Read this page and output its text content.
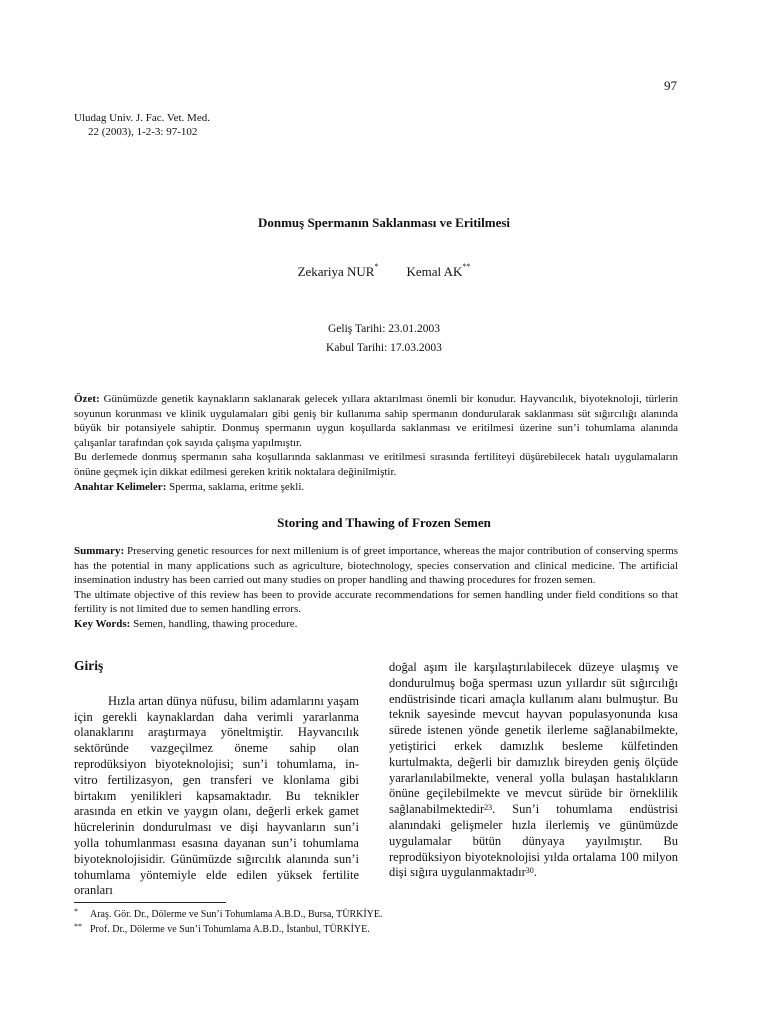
97
Uludag Univ. J. Fac. Vet. Med.
22 (2003), 1-2-3: 97-102
Donmuş Spermanın Saklanması ve Eritilmesi
Zekariya NUR* Kemal AK**
Geliş Tarihi: 23.01.2003
Kabul Tarihi: 17.03.2003

Özet: Günümüzde genetik kaynakların saklanarak gelecek yıllara aktarılması önemli bir konudur. Hayvancılık, biyoteknoloji, türlerin soyunun korunması ve klinik uygulamaları gibi geniş bir kullanıma sahip spermanın dondurularak saklanması süt sığırcılığı alanında büyük bir potansiyele sahiptir. Donmuş spermanın uygun koşullarda saklanması ve eritilmesi üzerine sun’i tohumlama alanında çalışanlar tarafından çok sayıda çalışma yapılmıştır.

Bu derlemede donmuş spermanın saha koşullarında saklanması ve eritilmesi sırasında fertiliteyi düşürebilecek hatalı uygulamaların önüne geçmek için dikkat edilmesi gereken kritik noktalara değinilmiştir.

Anahtar Kelimeler: Sperma, saklama, eritme şekli.

Storing and Thawing of Frozen Semen

Summary: Preserving genetic resources for next millenium is of greet importance, whereas the major contribution of conserving sperms has the potential in many applications such as agriculture, biotechnology, species conservation and clinical medicine. The artificial insemination industry has been carried out many studies on proper handling and thawing procedures for frozen semen.

The ultimate objective of this review has been to provide accurate recommendations for semen handling under field conditions so that fertility is not limited due to semen handling errors.

Key Words: Semen, handling, thawing procedure.

Giriş

Hızla artan dünya nüfusu, bilim adamlarını yaşam için gerekli kaynaklardan daha verimli yararlanma olanaklarını araştırmaya yöneltmiştir. Hayvancılık sektöründe vazgeçilmez öneme sahip olan reprodüksiyon biyoteknolojisi; sun’i tohumlama, in-vitro fertilizasyon, gen transferi ve klonlama gibi birtakım yenilikleri kapsamaktadır. Bu teknikler arasında en etkin ve yaygın olanı, değerli erkek gamet hücrelerinin dondurulması ve dişi hayvanların sun’i yolla tohumlanması esasına dayanan sun’i tohumlama biyoteknolojisidir. Günümüzde sığırcılık alanında sun’i tohumlama yöntemiyle elde edilen yüksek fertilite oranları

doğal aşım ile karşılaştırılabilecek düzeye ulaşmış ve dondurulmuş boğa sperması uzun yıllardır süt sığırcılığı endüstrisinde ticari amaçla kullanım alanı bulmuştur. Bu teknik sayesinde mevcut hayvan populasyonunda kısa sürede istenen yönde genetik ilerleme sağlanabilmekte, yetiştirici erkek damızlık besleme külfetinden kurtulmakta, değerli bir damızlık bireyden geniş ölçüde yararlanılabilmekte, veneral yolla bulaşan hastalıkların önüne geçilebilmekte ve mevcut sürüde bir örneklilik sağlanabilmektedir$^{23}$. Sun’i tohumlama endüstrisi alanındaki gelişmeler hızla ilerlemiş ve günümüzde uygulamalar bütün dünyaya yayılmıştır. Bu reprodüksiyon biyoteknolojisi yılda ortalama 100 milyon dişi sığıra uygulanmaktadır$^{30}$.

* Araş. Gör. Dr., Dölerme ve Sun’i Tohumlama A.B.D., Bursa, TÜRKİYE.
** Prof. Dr., Dölerme ve Sun’i Tohumlama A.B.D., İstanbul, TÜRKİYE.
